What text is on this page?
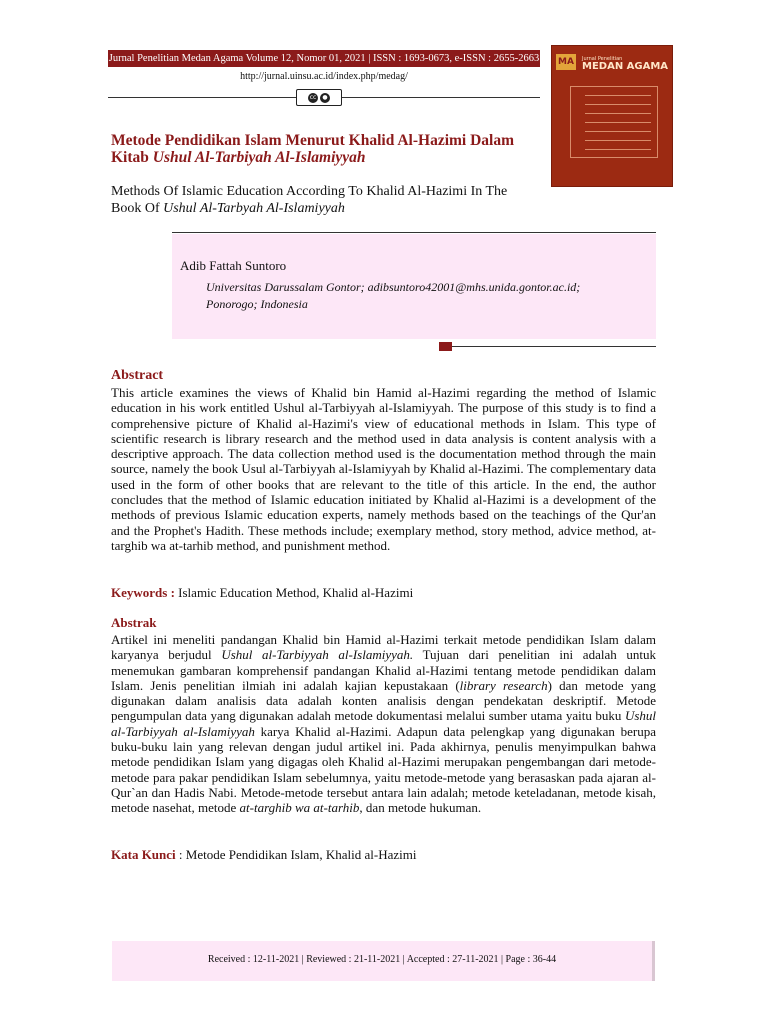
Jurnal Penelitian Medan Agama Volume 12, Nomor 01, 2021 | ISSN : 1693-0673, e-ISSN : 2655-2663
http://jurnal.uinsu.ac.id/index.php/medag/
cc	●
MA	Jurnal Penelitian
MEDAN AGAMA
Metode Pendidikan Islam Menurut Khalid Al-Hazimi Dalam Kitab Ushul Al-Tarbiyah Al-Islamiyyah
Methods Of Islamic Education According To Khalid Al-Hazimi In The Book Of Ushul Al-Tarbyah Al-Islamiyyah
Adib Fattah Suntoro
Universitas Darussalam Gontor; adibsuntoro42001@mhs.unida.gontor.ac.id; Ponorogo; Indonesia
Abstract
This article examines the views of Khalid bin Hamid al-Hazimi regarding the method of Islamic education in his work entitled Ushul al-Tarbiyyah al-Islamiyyah. The purpose of this study is to find a comprehensive picture of Khalid al-Hazimi's view of educational methods in Islam. This type of scientific research is library research and the method used in data analysis is content analysis with a descriptive approach. The data collection method used is the documentation method through the main source, namely the book Usul al-Tarbiyyah al-Islamiyyah by Khalid al-Hazimi. The complementary data used in the form of other books that are relevant to the title of this article. In the end, the author concludes that the method of Islamic education initiated by Khalid al-Hazimi is a development of the methods of previous Islamic education experts, namely methods based on the teachings of the Qur'an and the Prophet's Hadith. These methods include; exemplary method, story method, advice method, at-targhib wa at-tarhib method, and punishment method.
Keywords : Islamic Education Method, Khalid al-Hazimi
Abstrak
Artikel ini meneliti pandangan Khalid bin Hamid al-Hazimi terkait metode pendidikan Islam dalam karyanya berjudul Ushul al-Tarbiyyah al-Islamiyyah. Tujuan dari penelitian ini adalah untuk menemukan gambaran komprehensif pandangan Khalid al-Hazimi tentang metode pendidikan dalam Islam. Jenis penelitian ilmiah ini adalah kajian kepustakaan (library research) dan metode yang digunakan dalam analisis data adalah konten analisis dengan pendekatan deskriptif. Metode pengumpulan data yang digunakan adalah metode dokumentasi melalui sumber utama yaitu buku Ushul al-Tarbiyyah al-Islamiyyah karya Khalid al-Hazimi. Adapun data pelengkap yang digunakan berupa buku-buku lain yang relevan dengan judul artikel ini. Pada akhirnya, penulis menyimpulkan bahwa metode pendidikan Islam yang digagas oleh Khalid al-Hazimi merupakan pengembangan dari metode-metode para pakar pendidikan Islam sebelumnya, yaitu metode-metode yang berasaskan pada ajaran al-Qur`an dan Hadis Nabi. Metode-metode tersebut antara lain adalah; metode keteladanan, metode kisah, metode nasehat, metode at-targhib wa at-tarhib, dan metode hukuman.
Kata Kunci : Metode Pendidikan Islam, Khalid al-Hazimi
Received : 12-11-2021 | Reviewed : 21-11-2021 | Accepted : 27-11-2021 | Page : 36-44
